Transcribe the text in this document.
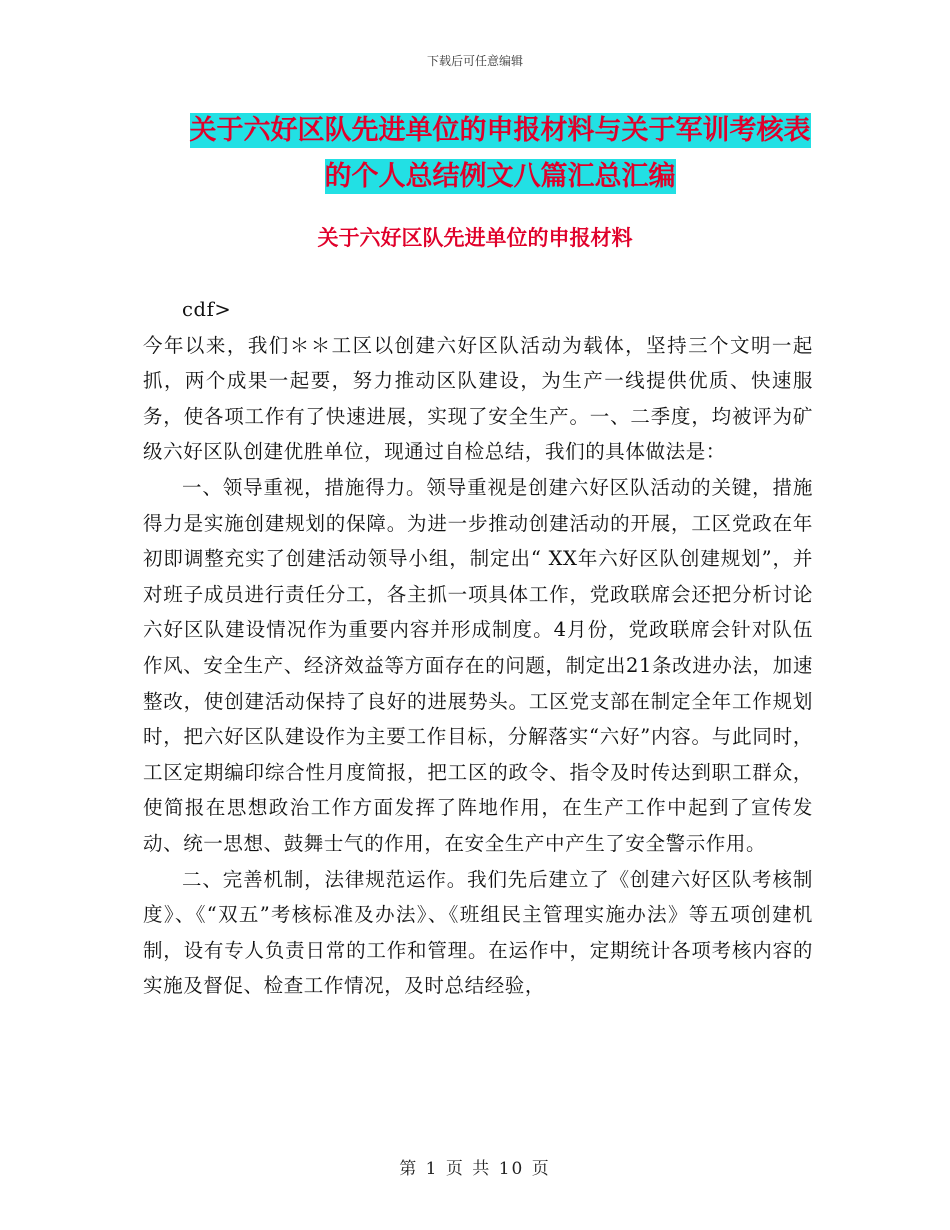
下载后可任意编辑
关于六好区队先进单位的申报材料与关于军训考核表
的个人总结例文八篇汇总汇编
关于六好区队先进单位的申报材料

cdf>

今年以来，我们＊＊工区以创建六好区队活动为载体，坚持三个文明一起抓，两个成果一起要，努力推动区队建设，为生产一线提供优质、快速服务，使各项工作有了快速进展，实现了安全生产。一、二季度，均被评为矿级六好区队创建优胜单位，现通过自检总结，我们的具体做法是：

一、领导重视，措施得力。领导重视是创建六好区队活动的关键，措施得力是实施创建规划的保障。为进一步推动创建活动的开展，工区党政在年初即调整充实了创建活动领导小组，制定出“ XX年六好区队创建规划”，并对班子成员进行责任分工，各主抓一项具体工作，党政联席会还把分析讨论六好区队建设情况作为重要内容并形成制度。4月份，党政联席会针对队伍作风、安全生产、经济效益等方面存在的问题，制定出21条改进办法，加速整改，使创建活动保持了良好的进展势头。工区党支部在制定全年工作规划时，把六好区队建设作为主要工作目标，分解落实“六好”内容。与此同时，工区定期编印综合性月度简报，把工区的政令、指令及时传达到职工群众，使简报在思想政治工作方面发挥了阵地作用，在生产工作中起到了宣传发动、统一思想、鼓舞士气的作用，在安全生产中产生了安全警示作用。

二、完善机制，法律规范运作。我们先后建立了《创建六好区队考核制度》、《“双五”考核标准及办法》、《班组民主管理实施办法》等五项创建机制，设有专人负责日常的工作和管理。在运作中，定期统计各项考核内容的实施及督促、检查工作情况，及时总结经验，

第 1 页 共 10 页
